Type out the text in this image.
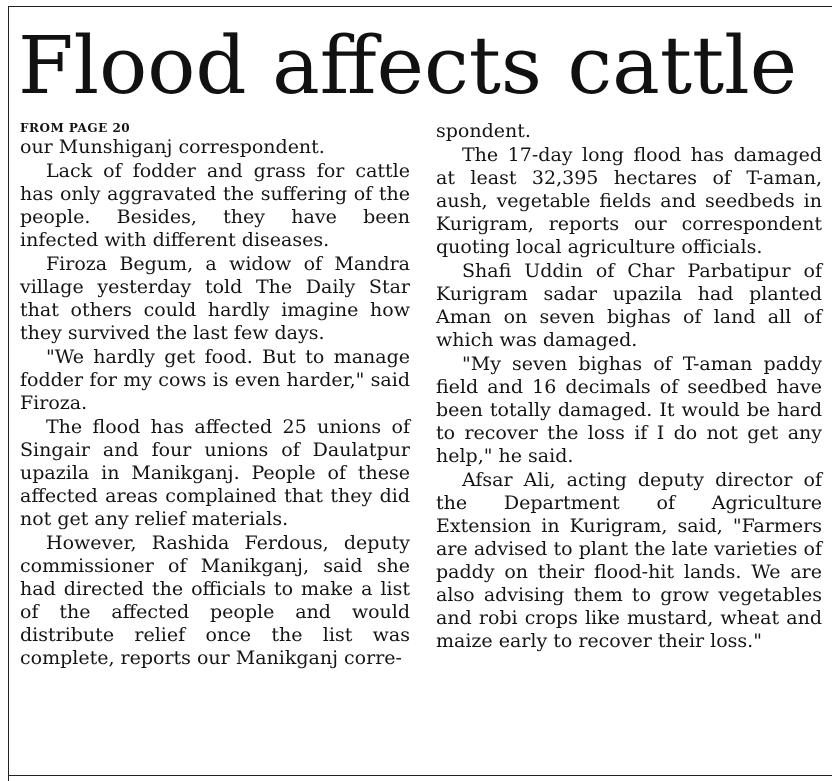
Flood affects cattle
FROM PAGE 20

our Munshiganj correspondent.

Lack of fodder and grass for cattle has only aggravated the suffering of the people. Besides, they have been infected with different diseases.

Firoza Begum, a widow of Mandra village yesterday told The Daily Star that others could hardly imagine how they survived the last few days.

"We hardly get food. But to manage fodder for my cows is even harder," said Firoza.

The flood has affected 25 unions of Singair and four unions of Daulatpur upazila in Manikganj. People of these affected areas complained that they did not get any relief materials.

However, Rashida Ferdous, deputy commissioner of Manikganj, said she had directed the officials to make a list of the affected people and would distribute relief once the list was complete, reports our Manikganj corre-

spondent.

The 17-day long flood has damaged at least 32,395 hectares of T-aman, aush, vegetable fields and seedbeds in Kurigram, reports our correspondent quoting local agriculture officials.

Shafi Uddin of Char Parbatipur of Kurigram sadar upazila had planted Aman on seven bighas of land all of which was damaged.

"My seven bighas of T-aman paddy field and 16 decimals of seedbed have been totally damaged. It would be hard to recover the loss if I do not get any help," he said.

Afsar Ali, acting deputy director of the Department of Agriculture Extension in Kurigram, said, "Farmers are advised to plant the late varieties of paddy on their flood-hit lands. We are also advising them to grow vegetables and robi crops like mustard, wheat and maize early to recover their loss."
